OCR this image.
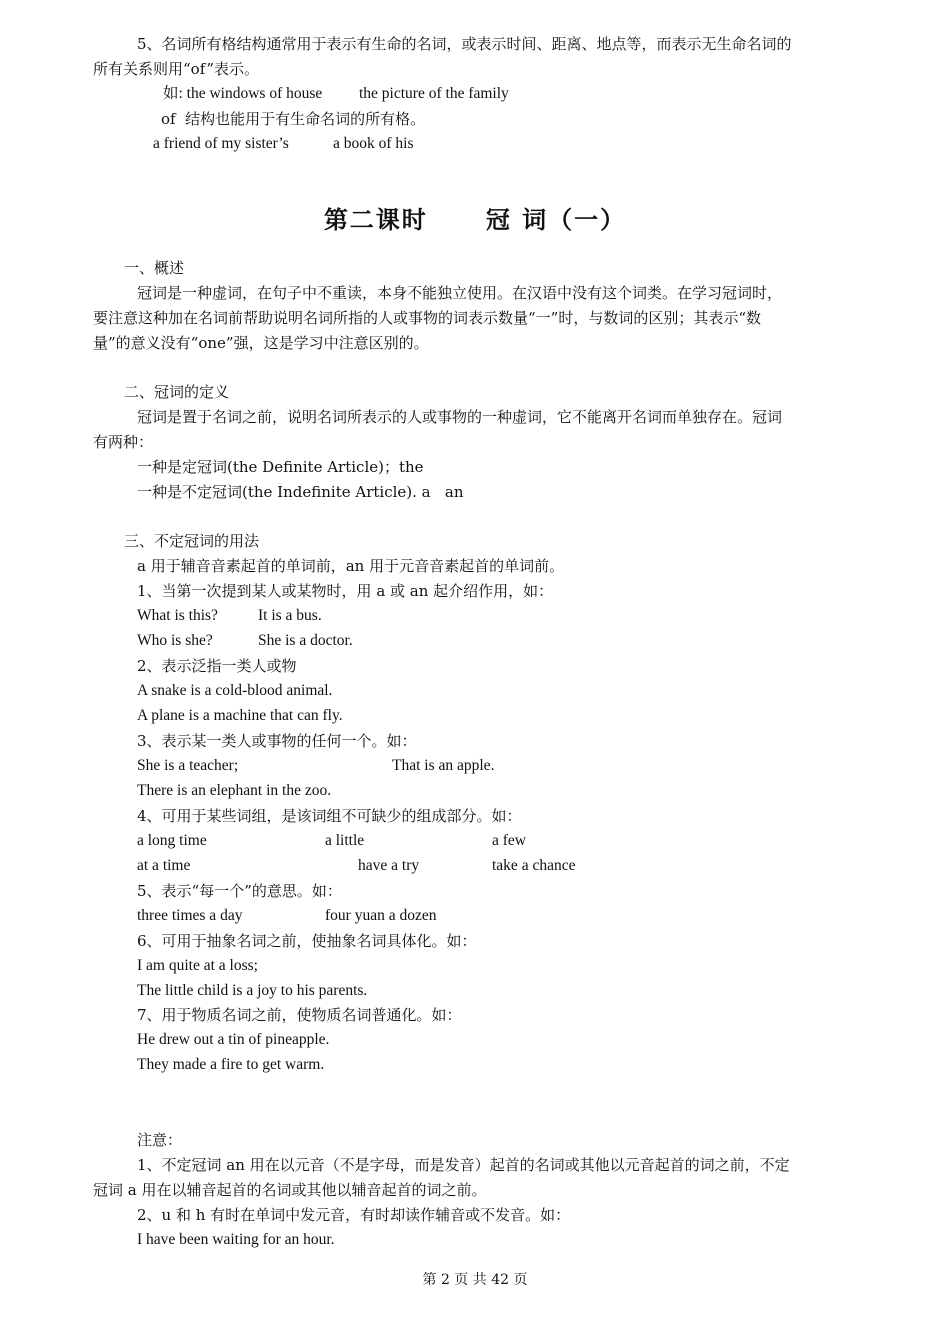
5、名词所有格结构通常用于表示有生命的名词，或表示时间、距离、地点等，而表示无生命名词的
所有关系则用“of”表示。
如: the windows of house the picture of the family
of  结构也能用于有生命名词的所有格。
a friend of my sister’s	a book of his
第二课时 冠 词（一）
一、概述
冠词是一种虚词，在句子中不重读，本身不能独立使用。在汉语中没有这个词类。在学习冠词时，
要注意这种加在名词前帮助说明名词所指的人或事物的词表示数量“一”时，与数词的区别；其表示“数
量”的意义没有“one”强，这是学习中注意区别的。
二、冠词的定义
冠词是置于名词之前，说明名词所表示的人或事物的一种虚词，它不能离开名词而单独存在。冠词
有两种：
一种是定冠词(the Definite Article)；the
一种是不定冠词(the Indefinite Article). a   an
三、不定冠词的用法
a 用于辅音音素起首的单词前，an 用于元音音素起首的单词前。
1、当第一次提到某人或某物时，用 a 或 an 起介绍作用，如：
What is this?	It is a bus.
Who is she?	She is a doctor.
2、表示泛指一类人或物
A snake is a cold-blood animal.
A plane is a machine that can fly.
3、表示某一类人或事物的任何一个。如：
She is a teacher;	That is an apple.
There is an elephant in the zoo.
4、可用于某些词组，是该词组不可缺少的组成部分。如：
a long time	a little	a few
at a time	have a try	take a chance
5、表示“每一个”的意思。如：
three times a day	four yuan a dozen
6、可用于抽象名词之前，使抽象名词具体化。如：
I am quite at a loss;
The little child is a joy to his parents.
7、用于物质名词之前，使物质名词普通化。如：
He drew out a tin of pineapple.
They made a fire to get warm.
注意：
1、不定冠词 an 用在以元音（不是字母，而是发音）起首的名词或其他以元音起首的词之前，不定
冠词 a 用在以辅音起首的名词或其他以辅音起首的词之前。
2、u 和 h 有时在单词中发元音，有时却读作辅音或不发音。如：
I have been waiting for an hour.
第 2 页 共 42 页
